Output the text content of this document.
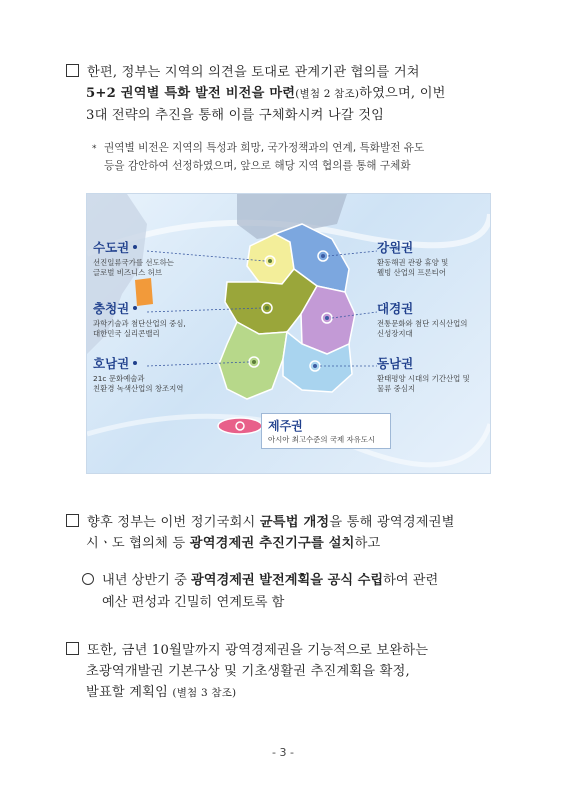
한편, 정부는 지역의 의견을 토대로 관계기관 협의를 거쳐
5+2 권역별 특화 발전 비전을 마련(별첨 2 참조)하였으며, 이번
3대 전략의 추진을 통해 이를 구체화시켜 나갈 것임
* 권역별 비전은 지역의 특성과 희망, 국가정책과의 연계, 특화발전 유도
등을 감안하여 선정하였으며, 앞으로 해당 지역 협의를 통해 구체화
수도권
선진일류국가를 선도하는
글로벌 비즈니스 허브
충청권
과학기술과 첨단산업의 중심,
대한민국 실리콘밸리
호남권
21c 문화예술과
친환경 녹색산업의 창조지역
강원권
환동해권 관광 휴양 및
웰빙 산업의 프론티어
대경권
전통문화와 첨단 지식산업의
신성장지대
동남권
환태평양 시대의 기간산업 및
물류 중심지
제주권
아시아 최고수준의 국제 자유도시
향후 정부는 이번 정기국회시 균특법 개정을 통해 광역경제권별
시ㆍ도 협의체 등 광역경제권 추진기구를 설치하고
내년 상반기 중 광역경제권 발전계획을 공식 수립하여 관련
예산 편성과 긴밀히 연계토록 함
또한, 금년 10월말까지 광역경제권을 기능적으로 보완하는
초광역개발권 기본구상 및 기초생활권 추진계획을 확정,
발표할 계획임 (별첨 3 참조)
- 3 -
